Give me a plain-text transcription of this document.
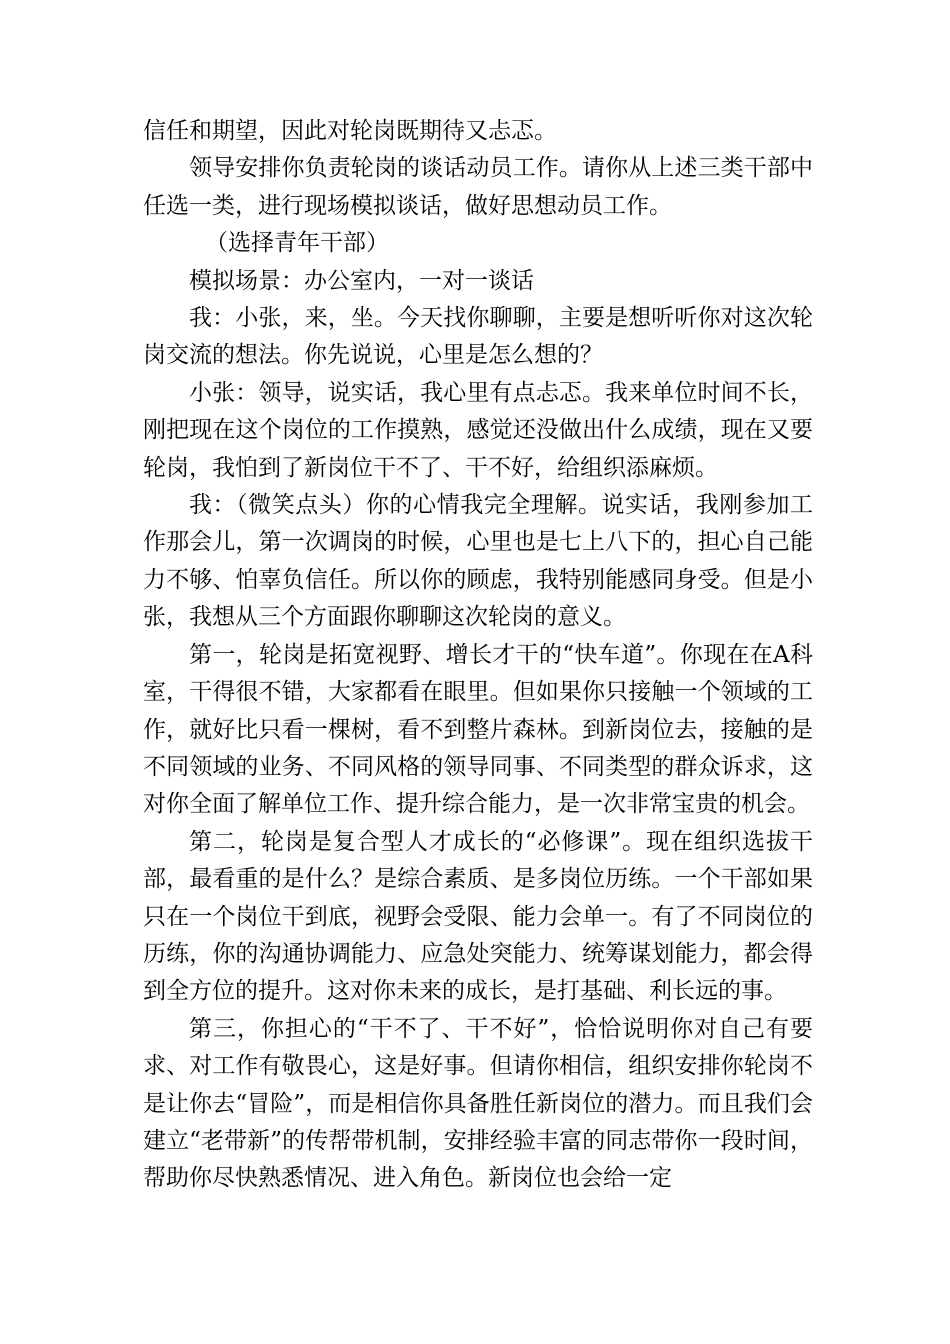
信任和期望，因此对轮岗既期待又忐忑。

领导安排你负责轮岗的谈话动员工作。请你从上述三类干部中任选一类，进行现场模拟谈话，做好思想动员工作。

（选择青年干部）

模拟场景：办公室内，一对一谈话

我：小张，来，坐。今天找你聊聊，主要是想听听你对这次轮岗交流的想法。你先说说，心里是怎么想的？

小张：领导，说实话，我心里有点忐忑。我来单位时间不长，刚把现在这个岗位的工作摸熟，感觉还没做出什么成绩，现在又要轮岗，我怕到了新岗位干不了、干不好，给组织添麻烦。

我：（微笑点头）你的心情我完全理解。说实话，我刚参加工作那会儿，第一次调岗的时候，心里也是七上八下的，担心自己能力不够、怕辜负信任。所以你的顾虑，我特别能感同身受。但是小张，我想从三个方面跟你聊聊这次轮岗的意义。

第一，轮岗是拓宽视野、增长才干的“快车道”。你现在在A科室，干得很不错，大家都看在眼里。但如果你只接触一个领域的工作，就好比只看一棵树，看不到整片森林。到新岗位去，接触的是不同领域的业务、不同风格的领导同事、不同类型的群众诉求，这对你全面了解单位工作、提升综合能力，是一次非常宝贵的机会。

第二，轮岗是复合型人才成长的“必修课”。现在组织选拔干部，最看重的是什么？是综合素质、是多岗位历练。一个干部如果只在一个岗位干到底，视野会受限、能力会单一。有了不同岗位的历练，你的沟通协调能力、应急处突能力、统筹谋划能力，都会得到全方位的提升。这对你未来的成长，是打基础、利长远的事。

第三，你担心的“干不了、干不好”，恰恰说明你对自己有要求、对工作有敬畏心，这是好事。但请你相信，组织安排你轮岗不是让你去“冒险”，而是相信你具备胜任新岗位的潜力。而且我们会建立“老带新”的传帮带机制，安排经验丰富的同志带你一段时间，帮助你尽快熟悉情况、进入角色。新岗位也会给一定
